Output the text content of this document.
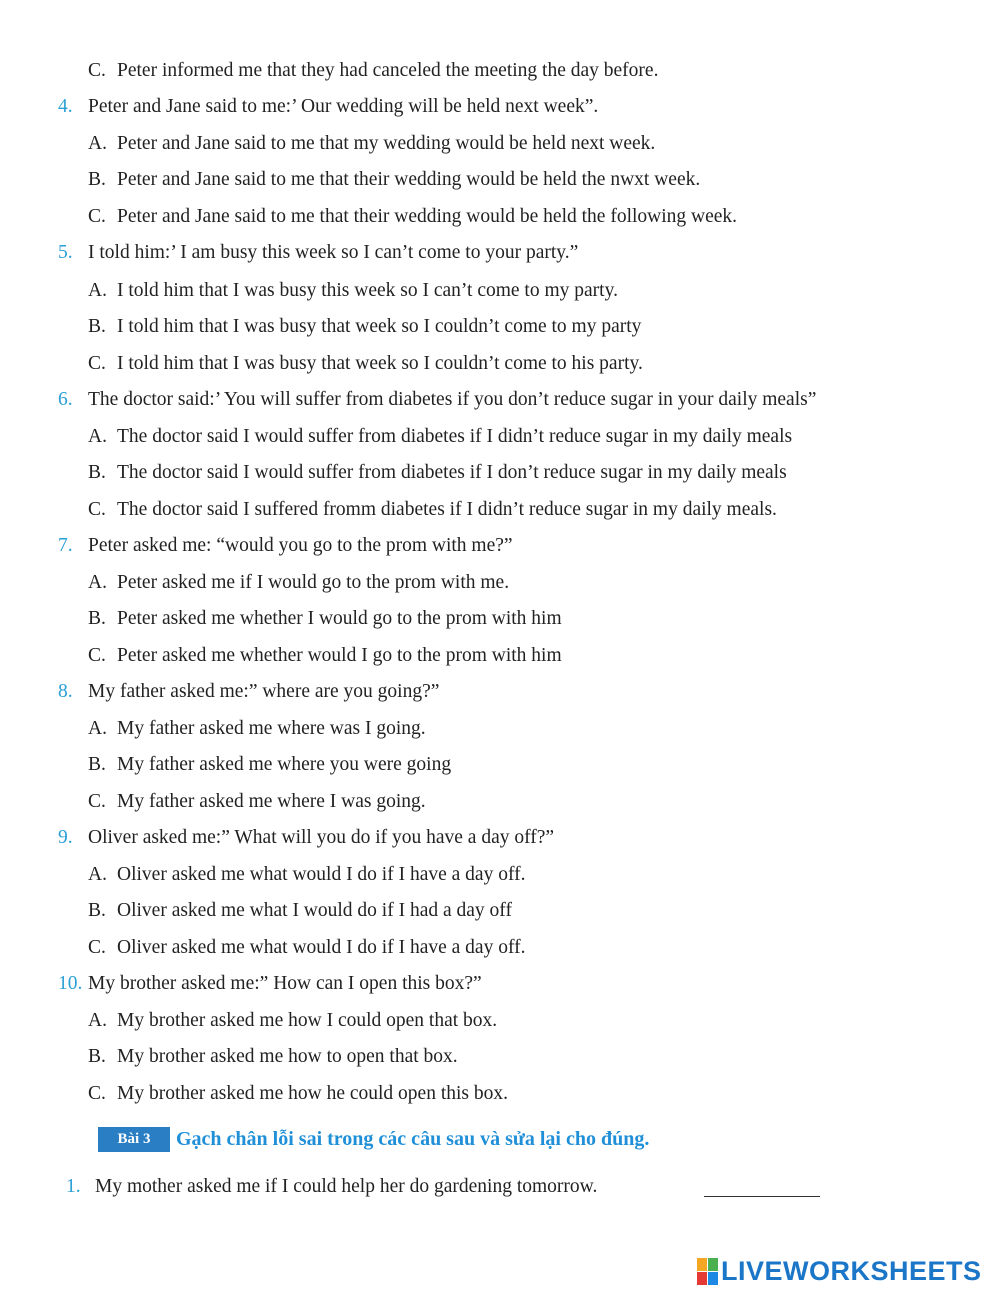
C. Peter informed me that they had canceled the meeting the day before.
4. Peter and Jane said to me:’ Our wedding will be held next week”.
A. Peter and Jane said to me that my wedding would be held next week.
B. Peter and Jane said to me that their wedding would be held the nwxt week.
C. Peter and Jane said to me that their wedding would be held the following week.
5. I told him:’ I am busy this week so I can’t come to your party.”
A. I told him that I was busy this week so I can’t come to my party.
B. I told him that I was busy that week so I couldn’t come to my party
C. I told him that I was busy that week so I couldn’t come to his party.
6. The doctor said:’ You will suffer from diabetes if you don’t reduce sugar in your daily meals”
A. The doctor said I would suffer from diabetes if I didn’t reduce sugar in my daily meals
B. The doctor said I would suffer from diabetes if I don’t reduce sugar in my daily meals
C. The doctor said I suffered fromm diabetes if I didn’t reduce sugar in my daily meals.
7. Peter asked me: “would you go to the prom with me?”
A. Peter asked me if I would go to the prom with me.
B. Peter asked me whether I would go to the prom with him
C. Peter asked me whether would I go to the prom with him
8. My father asked me:” where are you going?”
A. My father asked me where was I going.
B. My father asked me where you were going
C. My father asked me where I was going.
9. Oliver asked me:” What will you do if you have a day off?”
A. Oliver asked me what would I do if I have a day off.
B. Oliver asked me what I would do if I had a day off
C. Oliver asked me what would I do if I have a day off.
10. My brother asked me:” How can I open this box?”
A. My brother asked me how I could open that box.
B. My brother asked me how to open that box.
C. My brother asked me how he could open this box.
Bài 3	Gạch chân lỗi sai trong các câu sau và sửa lại cho đúng.
1. My mother asked me if I could help her do gardening tomorrow.
LIVEWORKSHEETS
